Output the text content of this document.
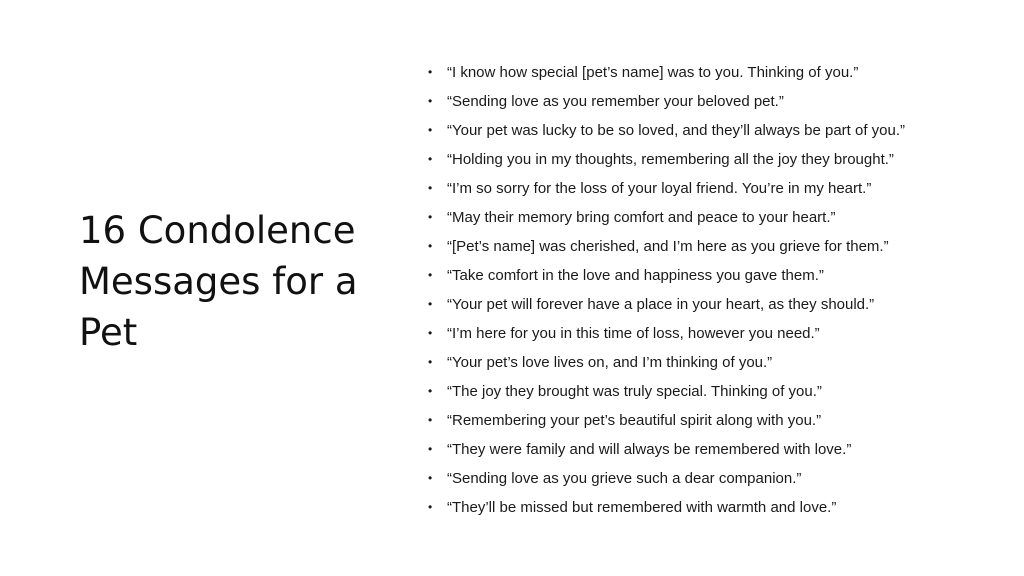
16 Condolence Messages for a Pet
• “I know how special [pet’s name] was to you. Thinking of you.”
• “Sending love as you remember your beloved pet.”
• “Your pet was lucky to be so loved, and they’ll always be part of you.”
• “Holding you in my thoughts, remembering all the joy they brought.”
• “I’m so sorry for the loss of your loyal friend. You’re in my heart.”
• “May their memory bring comfort and peace to your heart.”
• “[Pet’s name] was cherished, and I’m here as you grieve for them.”
• “Take comfort in the love and happiness you gave them.”
• “Your pet will forever have a place in your heart, as they should.”
• “I’m here for you in this time of loss, however you need.”
• “Your pet’s love lives on, and I’m thinking of you.”
• “The joy they brought was truly special. Thinking of you.”
• “Remembering your pet’s beautiful spirit along with you.”
• “They were family and will always be remembered with love.”
• “Sending love as you grieve such a dear companion.”
• “They’ll be missed but remembered with warmth and love.”
